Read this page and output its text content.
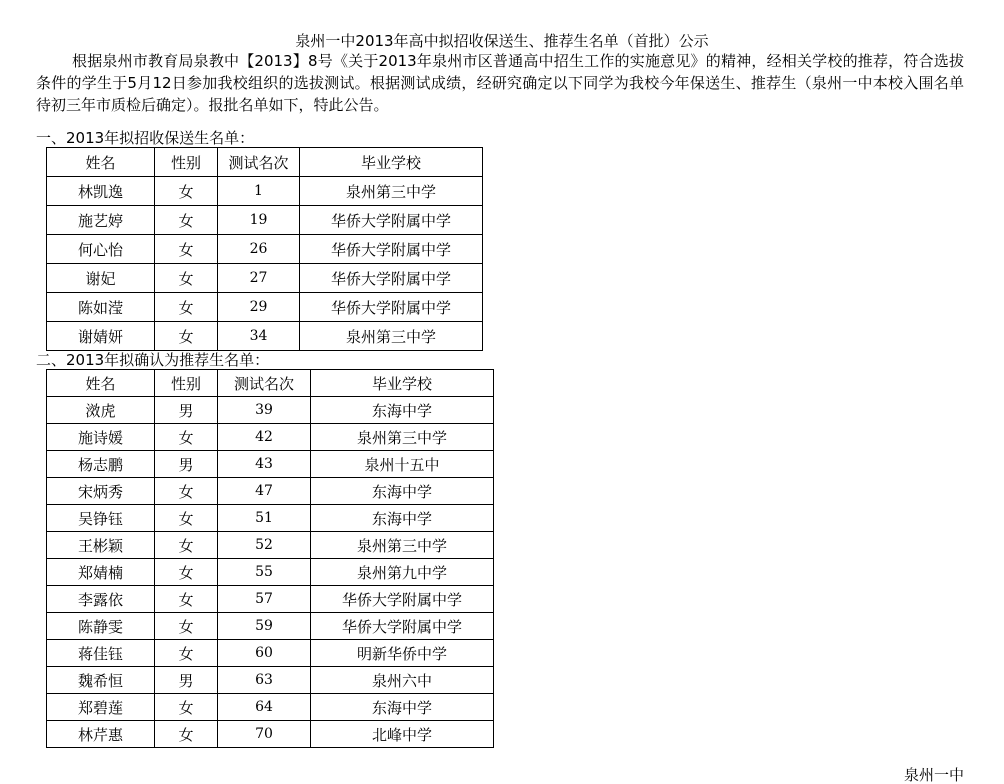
泉州一中2013年高中拟招收保送生、推荐生名单（首批）公示
根据泉州市教育局泉教中【2013】8号《关于2013年泉州市区普通高中招生工作的实施意见》的精神，经相关学校的推荐，符合选拔条件的学生于5月12日参加我校组织的选拔测试。根据测试成绩，经研究确定以下同学为我校今年保送生、推荐生（泉州一中本校入围名单待初三年市质检后确定）。报批名单如下，特此公告。
一、2013年拟招收保送生名单：
姓名	性别	测试名次	毕业学校
林凯逸	女	1	泉州第三中学
施艺婷	女	19	华侨大学附属中学
何心怡	女	26	华侨大学附属中学
谢妃	女	27	华侨大学附属中学
陈如滢	女	29	华侨大学附属中学
谢婧妍	女	34	泉州第三中学
二、2013年拟确认为推荐生名单：
姓名	性别	测试名次	毕业学校
滧虎	男	39	东海中学
施诗媛	女	42	泉州第三中学
杨志鹏	男	43	泉州十五中
宋炳秀	女	47	东海中学
吴铮钰	女	51	东海中学
王彬颖	女	52	泉州第三中学
郑婧楠	女	55	泉州第九中学
李露依	女	57	华侨大学附属中学
陈静雯	女	59	华侨大学附属中学
蒋佳钰	女	60	明新华侨中学
魏希恒	男	63	泉州六中
郑碧莲	女	64	东海中学
林芹惠	女	70	北峰中学
泉州一中
